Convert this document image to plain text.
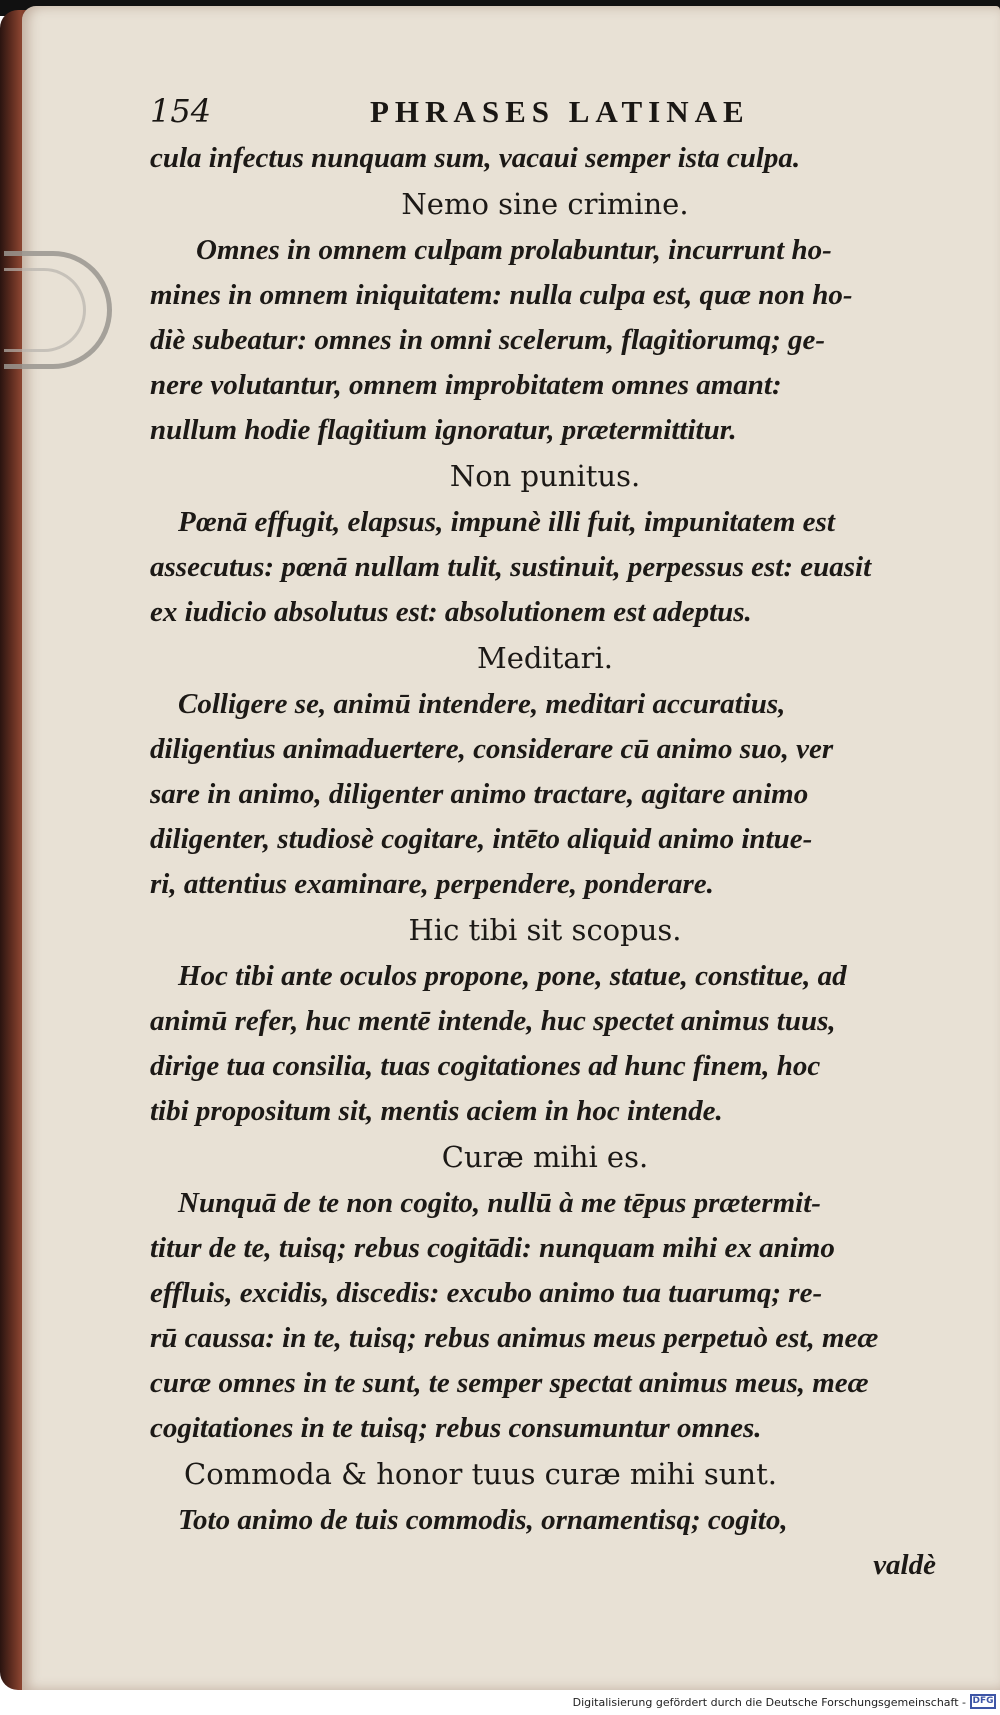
154	PHRASES LATINAE
cula infectus nunquam sum, vacaui semper ista culpa.
Nemo sine crimine.
Omnes in omnem culpam prolabuntur, incurrunt ho-
mines in omnem iniquitatem: nulla culpa est, quæ non ho-
diè subeatur: omnes in omni scelerum, flagitiorumq; ge-
nere volutantur, omnem improbitatem omnes amant:
nullum hodie flagitium ignoratur, prætermittitur.
Non punitus.
Pœnā effugit, elapsus, impunè illi fuit, impunitatem est
assecutus: pœnā nullam tulit, sustinuit, perpessus est: euasit
ex iudicio absolutus est: absolutionem est adeptus.
Meditari.
Colligere se, animū intendere, meditari accuratius,
diligentius animaduertere, considerare cū animo suo, ver
sare in animo, diligenter animo tractare, agitare animo
diligenter, studiosè cogitare, intēto aliquid animo intue-
ri, attentius examinare, perpendere, ponderare.
Hic tibi sit scopus.
Hoc tibi ante oculos propone, pone, statue, constitue, ad
animū refer, huc mentē intende, huc spectet animus tuus,
dirige tua consilia, tuas cogitationes ad hunc finem, hoc
tibi propositum sit, mentis aciem in hoc intende.
Curæ mihi es.
Nunquā de te non cogito, nullū à me tēpus prætermit-
titur de te, tuisq; rebus cogitādi: nunquam mihi ex animo
effluis, excidis, discedis: excubo animo tua tuarumq; re-
rū caussa: in te, tuisq; rebus animus meus perpetuò est, meæ
curæ omnes in te sunt, te semper spectat animus meus, meæ
cogitationes in te tuisq; rebus consumuntur omnes.
Commoda & honor tuus curæ mihi sunt.
Toto animo de tuis commodis, ornamentisq; cogito,
valdè
Digitalisierung gefördert durch die Deutsche Forschungsgemeinschaft - DFG
